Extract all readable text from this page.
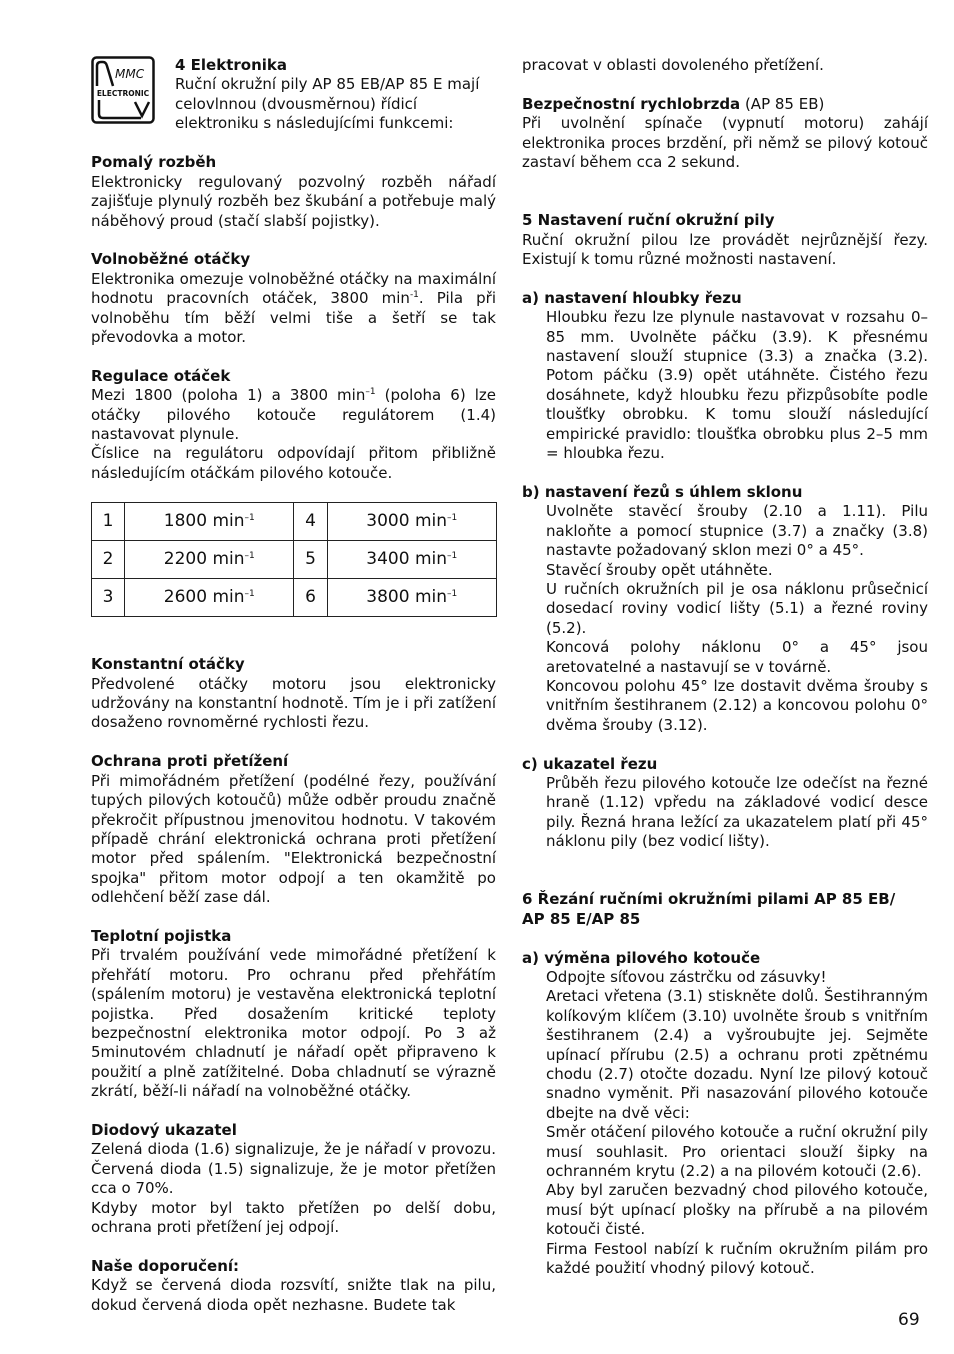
MMC
ELECTRONIC

4 Elektronika

Ruční okružní pily AP 85 EB/AP 85 E mají celovlnnou (dvousměrnou) řídicí elektroniku s následujícími funkcemi:

Pomalý rozběh

Elektronicky regulovaný pozvolný rozběh nářadí zajišťuje plynulý rozběh bez škubání a potřebuje malý náběhový proud (stačí slabší pojistky).

Volnoběžné otáčky

Elektronika omezuje volnoběžné otáčky na maximální hodnotu pracovních otáček, 3800 $\min^{-1}$. Pila při volnoběhu tím běží velmi tiše a šetří se tak převodovka a motor.

Regulace otáček

Mezi 1800 (poloha 1) a 3800 $\min^{-1}$ (poloha 6) lze otáčky pilového kotouče regulátorem (1.4) nastavovat plynule.

Číslice na regulátoru odpovídají přitom přibližně následujícím otáčkám pilového kotouče.

1	1800 $\min^{-1}$	4	3000 $\min^{-1}$
2	2200 $\min^{-1}$	5	3400 $\min^{-1}$
3	2600 $\min^{-1}$	6	3800 $\min^{-1}$

Konstantní otáčky

Předvolené otáčky motoru jsou elektronicky udržovány na konstantní hodnotě. Tím je i při zatížení dosaženo rovnoměrné rychlosti řezu.

Ochrana proti přetížení

Při mimořádném přetížení (podélné řezy, používání tupých pilových kotoučů) může odběr proudu značně překročit přípustnou jmenovitou hodnotu. V takovém případě chrání elektronická ochrana proti přetížení motor před spálením. "Elektronická bezpečnostní spojka" přitom motor odpojí a ten okamžitě po odlehčení běží zase dál.

Teplotní pojistka

Při trvalém používání vede mimořádné přetížení k přehřátí motoru. Pro ochranu před přehřátím (spálením motoru) je vestavěna elektronická teplotní pojistka. Před dosažením kritické teploty bezpečnostní elektronika motor odpojí. Po 3 až 5minutovém chladnutí je nářadí opět připraveno k použití a plně zatížitelné. Doba chladnutí se výrazně zkrátí, běží-li nářadí na volnoběžné otáčky.

Diodový ukazatel

Zelená dioda (1.6) signalizuje, že je nářadí v provozu. Červená dioda (1.5) signalizuje, že je motor přetížen cca o 70%.

Kdyby motor byl takto přetížen po delší dobu, ochrana proti přetížení jej odpojí.

Naše doporučení:

Když se červená dioda rozsvítí, snižte tlak na pilu, dokud červená dioda opět nezhasne. Budete tak

pracovat v oblasti dovoleného přetížení.

Bezpečnostní rychlobrzda (AP 85 EB)

Při uvolnění spínače (vypnutí motoru) zahájí elektronika proces brzdění, při němž se pilový kotouč zastaví během cca 2 sekund.

5 Nastavení ruční okružní pily

Ruční okružní pilou lze provádět nejrůznější řezy. Existují k tomu různé možnosti nastavení.

a) nastavení hloubky řezu

Hloubku řezu lze plynule nastavovat v rozsahu 0–85 mm. Uvolněte páčku (3.9). K přesnému nastavení slouží stupnice (3.3) a značka (3.2). Potom páčku (3.9) opět utáhněte. Čistého řezu dosáhnete, když hloubku řezu přizpůsobíte podle tloušťky obrobku. K tomu slouží následující empirické pravidlo: tloušťka obrobku plus 2–5 mm = hloubka řezu.

b) nastavení řezů s úhlem sklonu

Uvolněte stavěcí šrouby (2.10 a 1.11). Pilu nakloňte a pomocí stupnice (3.7) a značky (3.8) nastavte požadovaný sklon mezi 0° a 45°.

Stavěcí šrouby opět utáhněte.

U ručních okružních pil je osa náklonu průsečnicí dosedací roviny vodicí lišty (5.1) a řezné roviny (5.2).

Koncová polohy náklonu 0° a 45° jsou aretovatelné a nastavují se v továrně.

Koncovou polohu 45° lze dostavit dvěma šrouby s vnitřním šestihranem (2.12) a koncovou polohu 0° dvěma šrouby (3.12).

c) ukazatel řezu

Průběh řezu pilového kotouče lze odečíst na řezné hraně (1.12) vpředu na základové vodicí desce pily. Řezná hrana ležící za ukazatelem platí při 45° náklonu pily (bez vodicí lišty).

6 Řezání ručními okružními pilami AP 85 EB/

AP 85 E/AP 85

a) výměna pilového kotouče

Odpojte síťovou zástrčku od zásuvky!

Aretaci vřetena (3.1) stiskněte dolů. Šestihranným kolíkovým klíčem (3.10) uvolněte šroub s vnitřním šestihranem (2.4) a vyšroubujte jej. Sejměte upínací přírubu (2.5) a ochranu proti zpětnému chodu (2.7) otočte dozadu. Nyní lze pilový kotouč snadno vyměnit. Při nasazování pilového kotouče dbejte na dvě věci:

Směr otáčení pilového kotouče a ruční okružní pily musí souhlasit. Pro orientaci slouží šipky na ochranném krytu (2.2) a na pilovém kotouči (2.6).

Aby byl zaručen bezvadný chod pilového kotouče, musí být upínací plošky na přírubě a na pilovém kotouči čisté.

Firma Festool nabízí k ručním okružním pilám pro každé použití vhodný pilový kotouč.

69
